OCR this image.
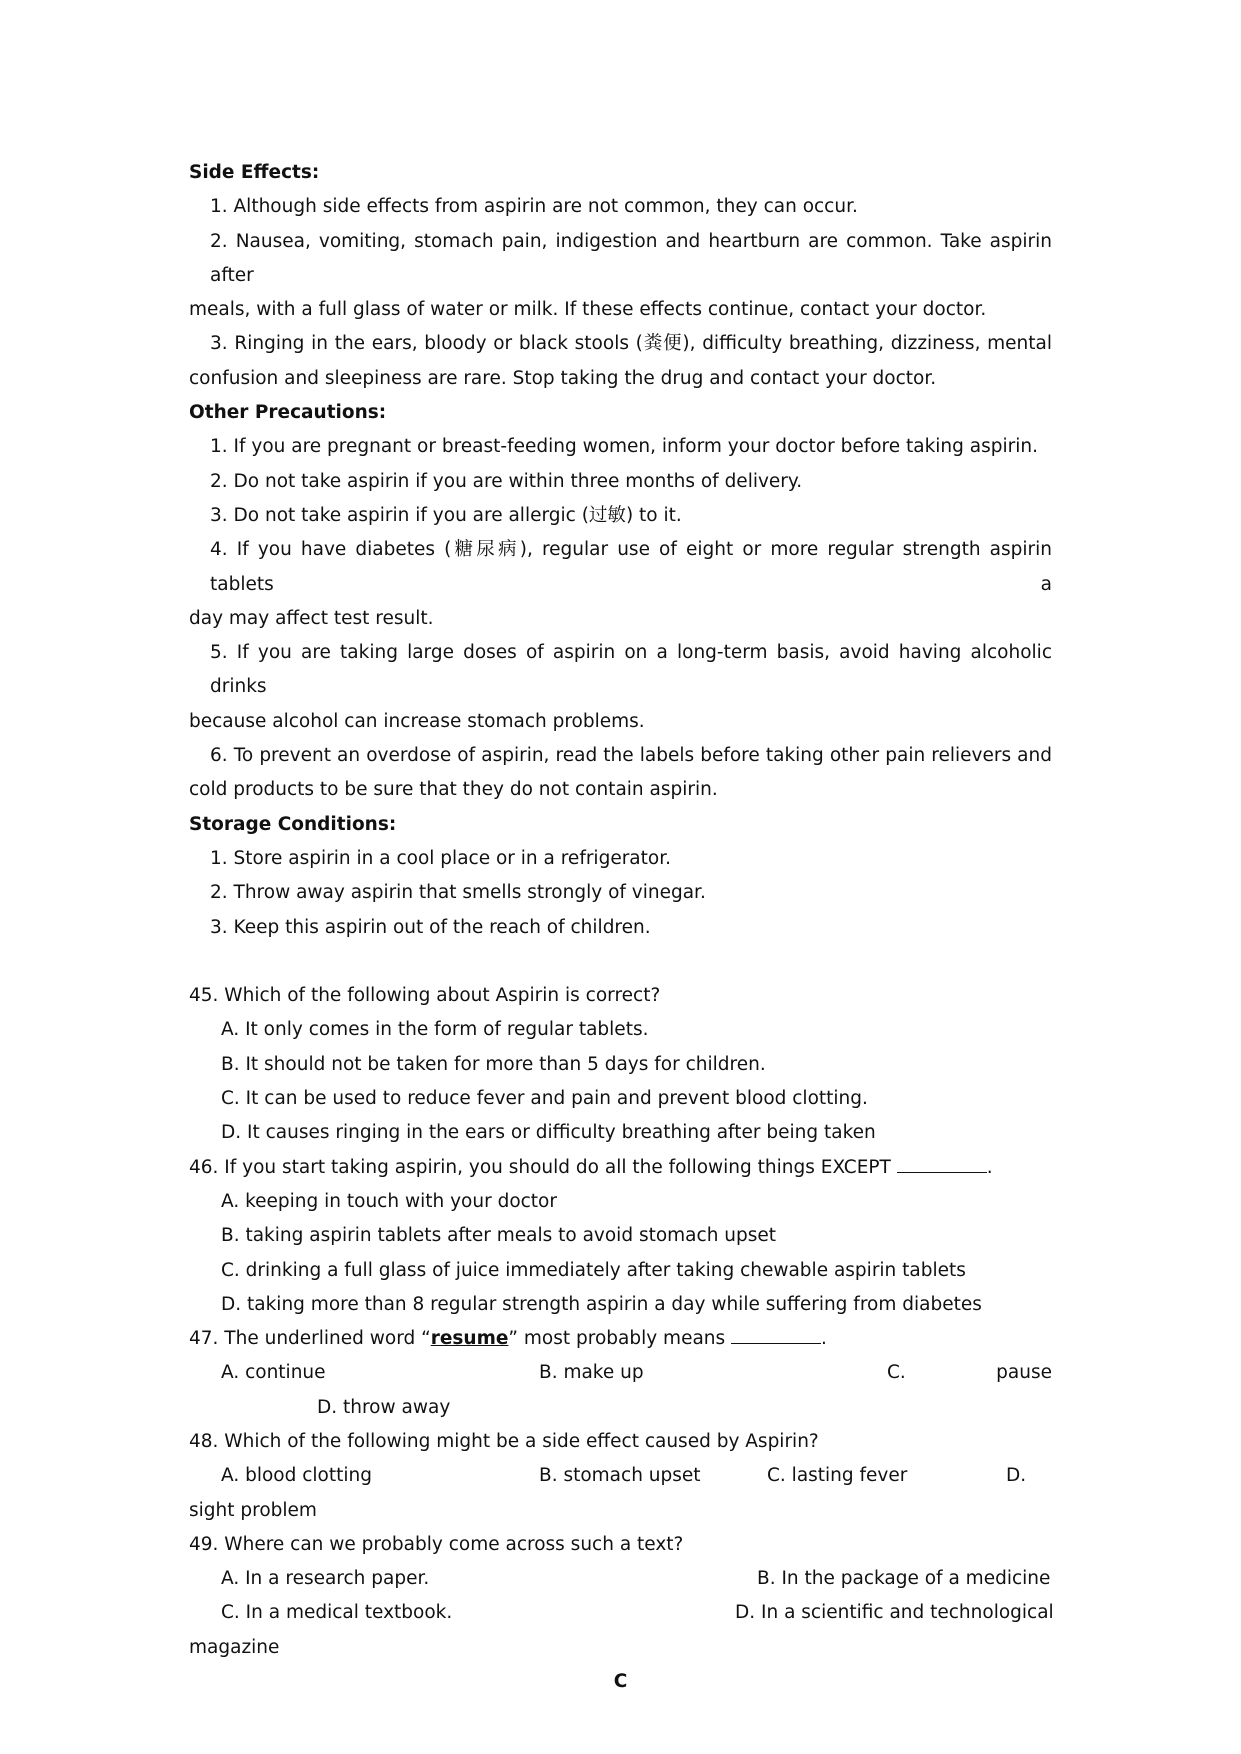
Side Effects:
1. Although side effects from aspirin are not common, they can occur.
2. Nausea, vomiting, stomach pain, indigestion and heartburn are common. Take aspirin after
meals, with a full glass of water or milk. If these effects continue, contact your doctor.
3. Ringing in the ears, bloody or black stools (粪便), difficulty breathing, dizziness, mental
confusion and sleepiness are rare. Stop taking the drug and contact your doctor.
Other Precautions:
1. If you are pregnant or breast-feeding women, inform your doctor before taking aspirin.
2. Do not take aspirin if you are within three months of delivery.
3. Do not take aspirin if you are allergic (过敏) to it.
4. If you have diabetes (糖尿病), regular use of eight or more regular strength aspirin tablets a
day may affect test result.
5. If you are taking large doses of aspirin on a long-term basis, avoid having alcoholic drinks
because alcohol can increase stomach problems.
6. To prevent an overdose of aspirin, read the labels before taking other pain relievers and
cold products to be sure that they do not contain aspirin.
Storage Conditions:
1. Store aspirin in a cool place or in a refrigerator.
2. Throw away aspirin that smells strongly of vinegar.
3. Keep this aspirin out of the reach of children.
45. Which of the following about Aspirin is correct?
A. It only comes in the form of regular tablets.
B. It should not be taken for more than 5 days for children.
C. It can be used to reduce fever and pain and prevent blood clotting.
D. It causes ringing in the ears or difficulty breathing after being taken
46. If you start taking aspirin, you should do all the following things EXCEPT	.
A. keeping in touch with your doctor
B. taking aspirin tablets after meals to avoid stomach upset
C. drinking a full glass of juice immediately after taking chewable aspirin tablets
D. taking more than 8 regular strength aspirin a day while suffering from diabetes
47. The underlined word “resume” most probably means	.
A. continue	B. make up	C.	pause
D. throw away
48. Which of the following might be a side effect caused by Aspirin?
A. blood clotting	B. stomach upset	C. lasting fever	D.
sight problem
49. Where can we probably come across such a text?
A. In a research paper.	B. In the package of a medicine
C. In a medical textbook.	D. In a scientific and technological
magazine
C
